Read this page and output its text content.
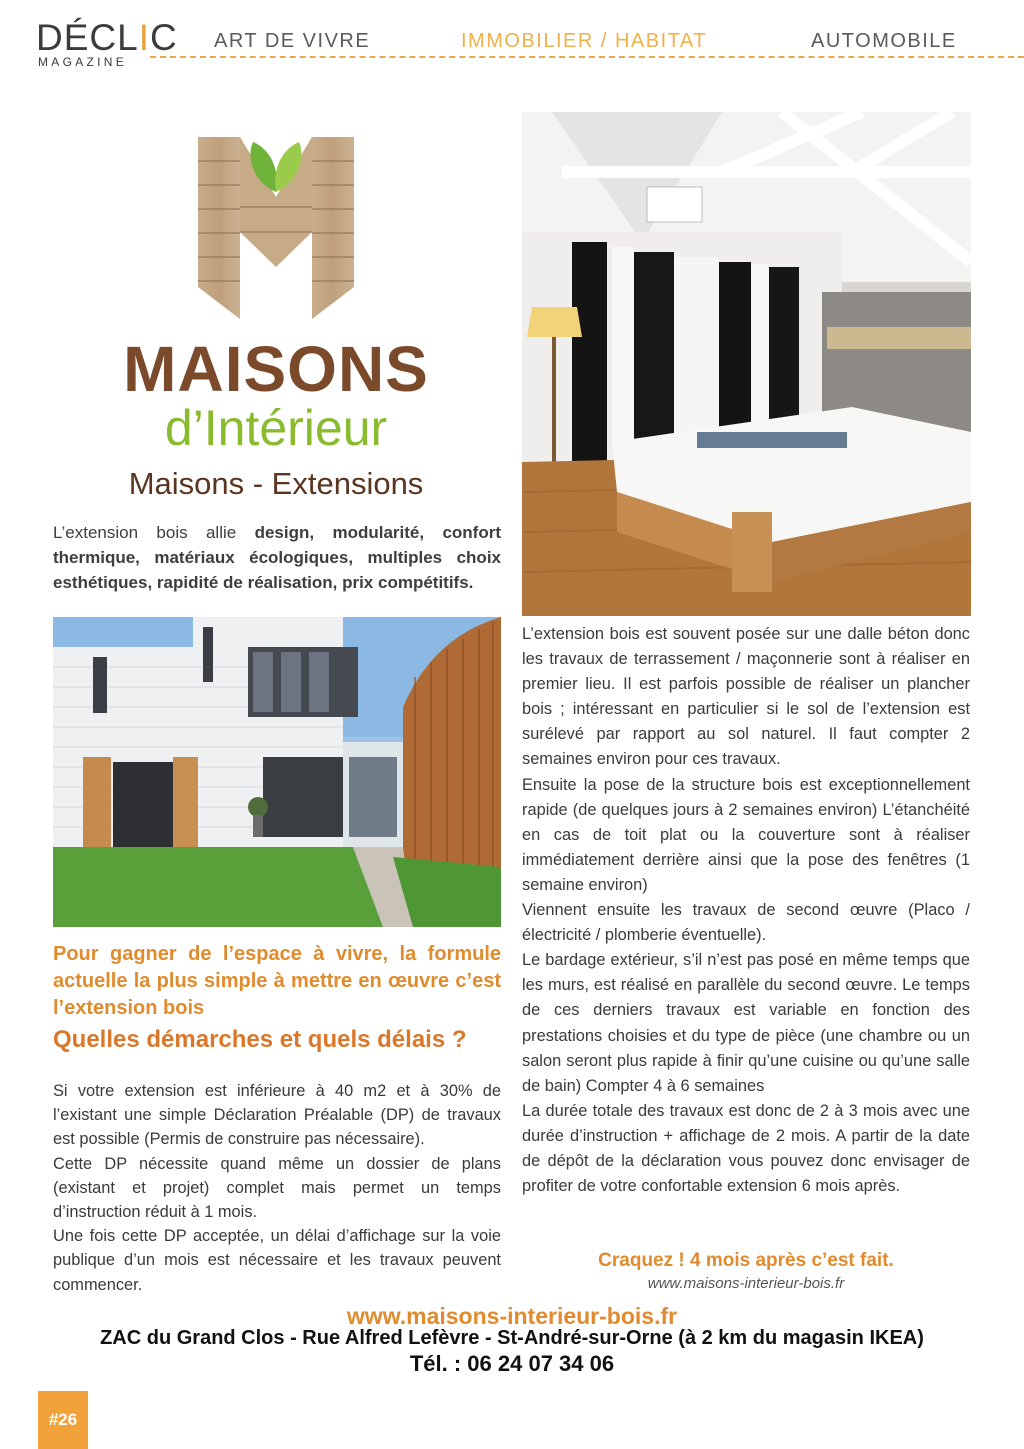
DÉCLIC
MAGAZINE
ART DE VIVRE	IMMOBILIER / HABITAT	AUTOMOBILE
MAISONS
d’Intérieur
Maisons - Extensions
L’extension bois allie design, modularité, confort thermique, matériaux écologiques, multiples choix esthétiques, rapidité de réalisation, prix compétitifs.
Pour gagner de l’espace à vivre, la formule actuelle la plus simple à mettre en œuvre c’est l’extension bois
Quelles démarches et quels délais ?

Si votre extension est inférieure à 40 m2 et à 30% de l’existant une simple Déclaration Préalable (DP) de travaux est possible (Permis de construire pas nécessaire).

Cette DP nécessite quand même un dossier de plans (existant et projet) complet mais permet un temps d’instruction réduit à 1 mois.

Une fois cette DP acceptée, un délai d’affichage sur la voie publique d’un mois est nécessaire et les travaux peuvent commencer.

L’extension bois est souvent posée sur une dalle béton donc les travaux de terrassement / maçonnerie sont à réaliser en premier lieu. Il est parfois possible de réaliser un plancher bois ; intéressant en particulier si le sol de l’extension est surélevé par rapport au sol naturel. Il faut compter 2 semaines environ pour ces travaux.

Ensuite la pose de la structure bois est exceptionnellement rapide (de quelques jours à 2 semaines environ) L’étanchéité en cas de toit plat ou la couverture sont à réaliser immédiatement derrière ainsi que la pose des fenêtres (1 semaine environ)

Viennent ensuite les travaux de second œuvre (Placo / électricité / plomberie éventuelle).

Le bardage extérieur, s’il n’est pas posé en même temps que les murs, est réalisé en parallèle du second œuvre. Le temps de ces derniers travaux est variable en fonction des prestations choisies et du type de pièce (une chambre ou un salon seront plus rapide à finir qu’une cuisine ou qu’une salle de bain) Compter 4 à 6 semaines

La durée totale des travaux est donc de 2 à 3 mois avec une durée d’instruction + affichage de 2 mois. A partir de la date de dépôt de la déclaration vous pouvez donc envisager de profiter de votre confortable extension 6 mois après.

Craquez ! 4 mois après c’est fait.
www.maisons-interieur-bois.fr
www.maisons-interieur-bois.fr
ZAC du Grand Clos - Rue Alfred Lefèvre - St-André-sur-Orne (à 2 km du magasin IKEA)
Tél. : 06 24 07 34 06
#26
